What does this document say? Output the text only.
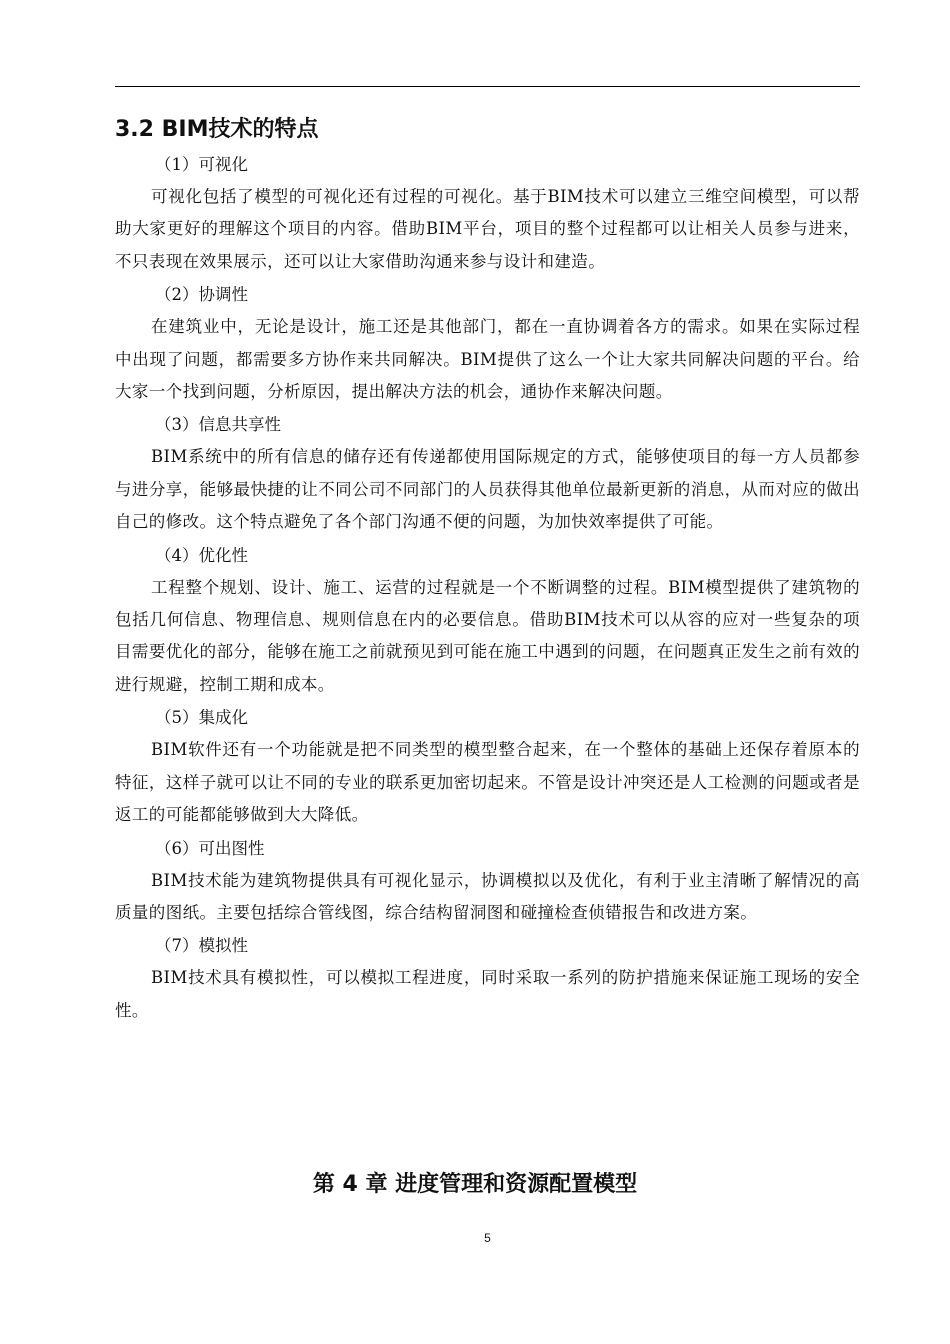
3.2 BIM技术的特点

（1）可视化

可视化包括了模型的可视化还有过程的可视化。基于BIM技术可以建立三维空间模型，可以帮助大家更好的理解这个项目的内容。借助BIM平台，项目的整个过程都可以让相关人员参与进来，不只表现在效果展示，还可以让大家借助沟通来参与设计和建造。

（2）协调性

在建筑业中，无论是设计，施工还是其他部门，都在一直协调着各方的需求。如果在实际过程中出现了问题，都需要多方协作来共同解决。BIM提供了这么一个让大家共同解决问题的平台。给大家一个找到问题，分析原因，提出解决方法的机会，通协作来解决问题。

（3）信息共享性

BIM系统中的所有信息的储存还有传递都使用国际规定的方式，能够使项目的每一方人员都参与进分享，能够最快捷的让不同公司不同部门的人员获得其他单位最新更新的消息，从而对应的做出自己的修改。这个特点避免了各个部门沟通不便的问题，为加快效率提供了可能。

（4）优化性

工程整个规划、设计、施工、运营的过程就是一个不断调整的过程。BIM模型提供了建筑物的包括几何信息、物理信息、规则信息在内的必要信息。借助BIM技术可以从容的应对一些复杂的项目需要优化的部分，能够在施工之前就预见到可能在施工中遇到的问题，在问题真正发生之前有效的进行规避，控制工期和成本。

（5）集成化

BIM软件还有一个功能就是把不同类型的模型整合起来，在一个整体的基础上还保存着原本的特征，这样子就可以让不同的专业的联系更加密切起来。不管是设计冲突还是人工检测的问题或者是返工的可能都能够做到大大降低。

（6）可出图性

BIM技术能为建筑物提供具有可视化显示，协调模拟以及优化，有利于业主清晰了解情况的高质量的图纸。主要包括综合管线图，综合结构留洞图和碰撞检查侦错报告和改进方案。

（7）模拟性

BIM技术具有模拟性，可以模拟工程进度，同时采取一系列的防护措施来保证施工现场的安全性。

第 4 章 进度管理和资源配置模型
5
